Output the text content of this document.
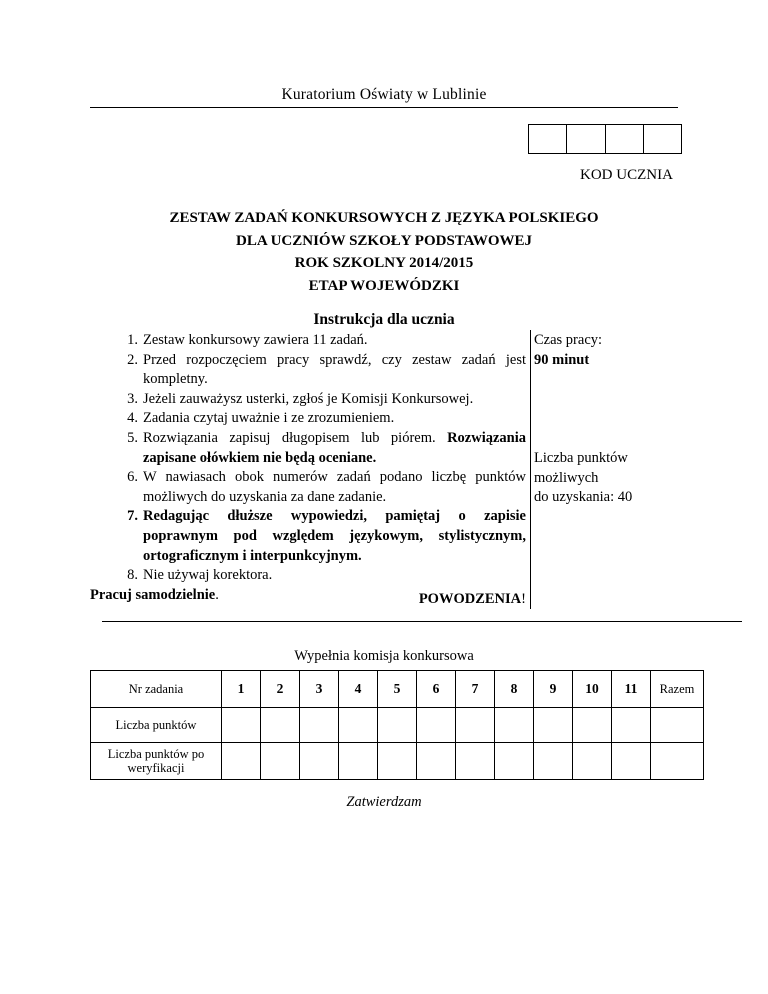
Kuratorium Oświaty w Lublinie
KOD UCZNIA
ZESTAW ZADAŃ KONKURSOWYCH Z JĘZYKA POLSKIEGO
DLA UCZNIÓW SZKOŁY PODSTAWOWEJ
ROK SZKOLNY 2014/2015
ETAP WOJEWÓDZKI
Instrukcja dla ucznia
1. Zestaw konkursowy zawiera 11 zadań.
2. Przed rozpoczęciem pracy sprawdź, czy zestaw zadań jest kompletny.
3. Jeżeli zauważysz usterki, zgłoś je Komisji Konkursowej.
4. Zadania czytaj uważnie i ze zrozumieniem.
5. Rozwiązania zapisuj długopisem lub piórem. Rozwiązania zapisane ołówkiem nie będą oceniane.
6. W nawiasach obok numerów zadań podano liczbę punktów możliwych do uzyskania za dane zadanie.
7. Redagując dłuższe wypowiedzi, pamiętaj o zapisie poprawnym pod względem językowym, stylistycznym, ortograficznym i interpunkcyjnym.
8. Nie używaj korektora.
Pracuj samodzielnie.
Czas pracy:
90 minut
Liczba punktów
możliwych
do uzyskania: 40
POWODZENIA!
Wypełnia komisja konkursowa
Nr zadania	1	2	3	4	5	6	7	8	9	10	11	Razem
Liczba punktów												
Liczba punktów po weryfikacji												
Zatwierdzam
